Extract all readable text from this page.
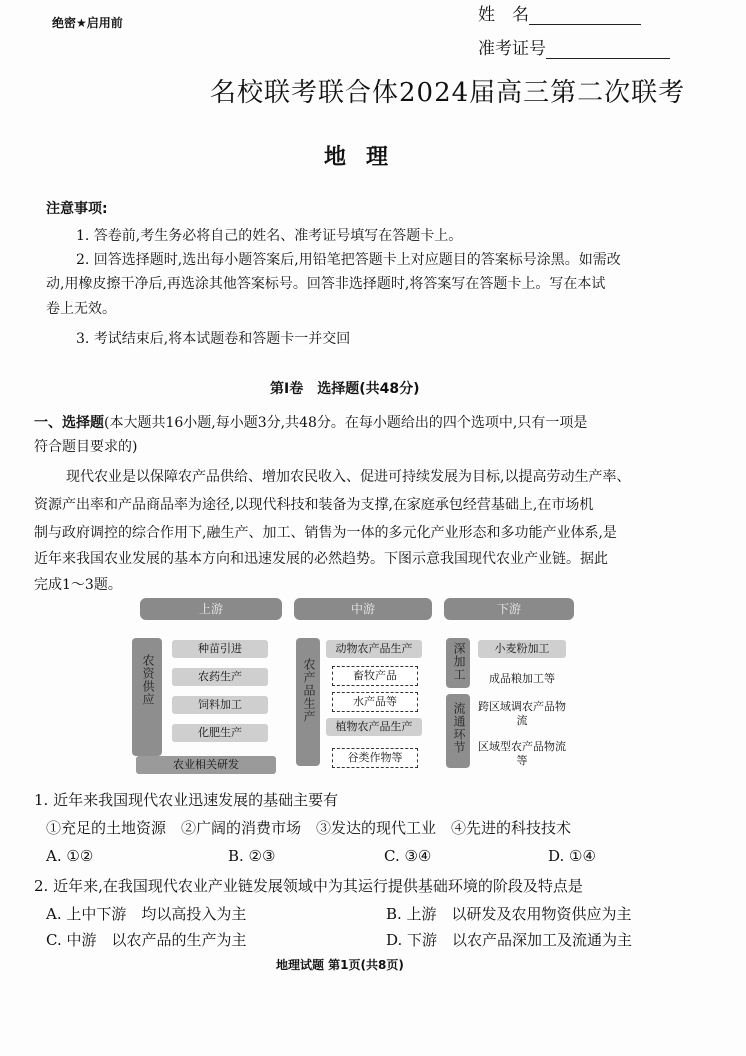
绝密★启用前	姓　名
准考证号
名校联考联合体2024届高三第二次联考
地理
注意事项:
1. 答卷前,考生务必将自己的姓名、准考证号填写在答题卡上。
2. 回答选择题时,选出每小题答案后,用铅笔把答题卡上对应题目的答案标号涂黑。如需改
动,用橡皮擦干净后,再选涂其他答案标号。回答非选择题时,将答案写在答题卡上。写在本试
卷上无效。
3. 考试结束后,将本试题卷和答题卡一并交回
第Ⅰ卷　选择题(共48分)
一、选择题(本大题共16小题,每小题3分,共48分。在每小题给出的四个选项中,只有一项是
符合题目要求的)
现代农业是以保障农产品供给、增加农民收入、促进可持续发展为目标,以提高劳动生产率、
资源产出率和产品商品率为途径,以现代科技和装备为支撑,在家庭承包经营基础上,在市场机
制与政府调控的综合作用下,融生产、加工、销售为一体的多元化产业形态和多功能产业体系,是
近年来我国农业发展的基本方向和迅速发展的必然趋势。下图示意我国现代农业产业链。据此
完成1～3题。
上游	中游	下游
农资供应
种苗引进
农药生产
饲料加工
化肥生产
农业相关研发
农产品生产
动物农产品生产
畜牧产品
水产品等
植物农产品生产
谷类作物等
深加工	小麦粉加工
成品粮加工等
流通环节 跨区域调农产品物流
区域型农产品物流等
1. 近年来我国现代农业迅速发展的基础主要有
①充足的土地资源　②广阔的消费市场　③发达的现代工业　④先进的科技技术
A. ①②	B. ②③	C. ③④	D. ①④
2. 近年来,在我国现代农业产业链发展领域中为其运行提供基础环境的阶段及特点是
A. 上中下游　均以高投入为主	B. 上游　以研发及农用物资供应为主
C. 中游　以农产品的生产为主	D. 下游　以农产品深加工及流通为主
地理试题 第1页(共8页)
